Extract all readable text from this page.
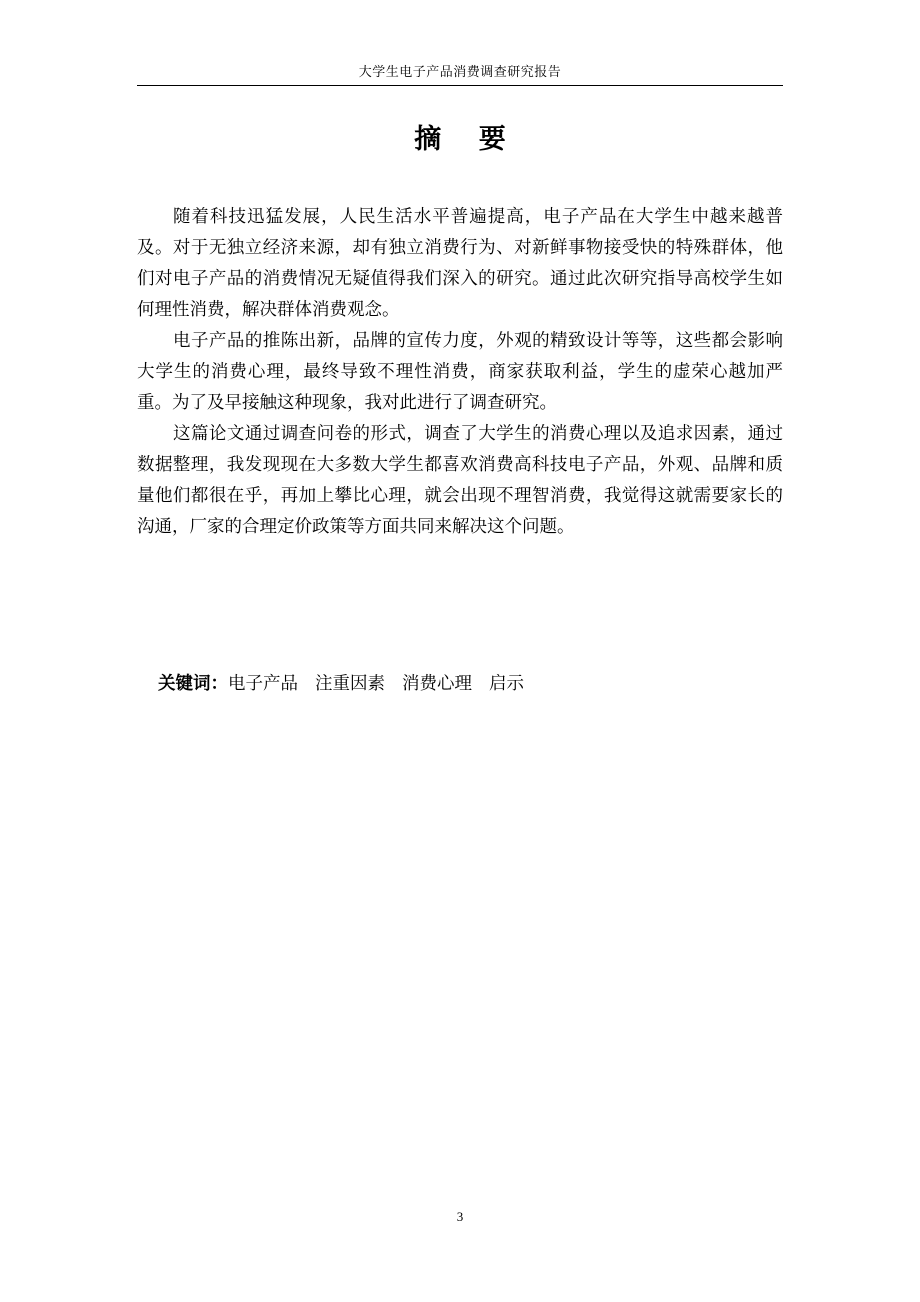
大学生电子产品消费调查研究报告
摘 要

随着科技迅猛发展，人民生活水平普遍提高，电子产品在大学生中越来越普及。对于无独立经济来源，却有独立消费行为、对新鲜事物接受快的特殊群体，他们对电子产品的消费情况无疑值得我们深入的研究。通过此次研究指导高校学生如何理性消费，解决群体消费观念。

电子产品的推陈出新，品牌的宣传力度，外观的精致设计等等，这些都会影响大学生的消费心理，最终导致不理性消费，商家获取利益，学生的虚荣心越加严重。为了及早接触这种现象，我对此进行了调查研究。

这篇论文通过调查问卷的形式，调查了大学生的消费心理以及追求因素，通过数据整理，我发现现在大多数大学生都喜欢消费高科技电子产品，外观、品牌和质量他们都很在乎，再加上攀比心理，就会出现不理智消费，我觉得这就需要家长的沟通，厂家的合理定价政策等方面共同来解决这个问题。

关键词：电子产品 注重因素 消费心理 启示
3
